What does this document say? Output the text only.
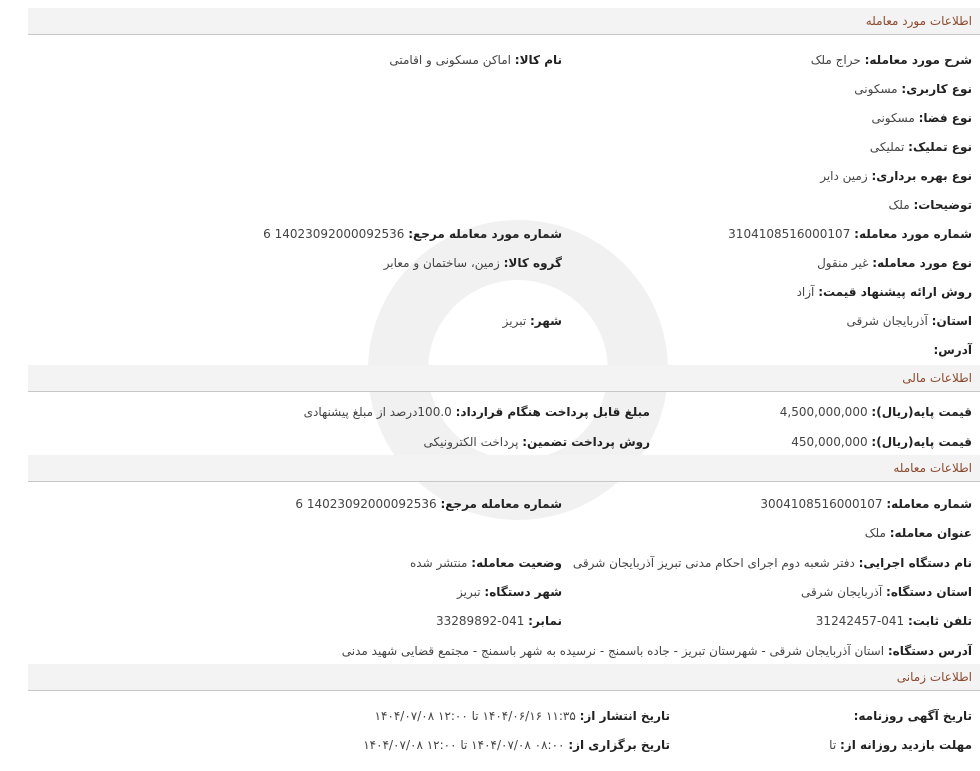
اطلاعات مورد معامله
شرح مورد معامله: حراج ملک
نام کالا: اماکن مسکونی و اقامتی
نوع کاربری: مسکونی
نوع فضا: مسکونی
نوع تملیک: تملیکی
نوع بهره برداری: زمین دایر
توضیحات: ملک
شماره مورد معامله: 3104108516000107
شماره مورد معامله مرجع: 14023092000092536 6
نوع مورد معامله: غیر منقول
گروه کالا: زمین، ساختمان و معابر
روش ارائه پیشنهاد قیمت: آزاد
استان: آذربایجان شرقی
شهر: تبریز
آدرس:
اطلاعات مالی
قیمت پایه(ریال): 4,500,000,000
مبلغ قابل پرداخت هنگام قرارداد: 100.0درصد از مبلغ پیشنهادی
قیمت پایه(ریال): 450,000,000
روش پرداخت تضمین: پرداخت الکترونیکی
اطلاعات معامله
شماره معامله: 3004108516000107
شماره معامله مرجع: 14023092000092536 6
عنوان معامله: ملک
نام دستگاه اجرایی: دفتر شعبه دوم اجرای احکام مدنی تبریز آذربایجان شرقی
وضعیت معامله: منتشر شده
استان دستگاه: آذربایجان شرقی
شهر دستگاه: تبریز
تلفن ثابت: 041-31242457
نمابر: 041-33289892
آدرس دستگاه: استان آذربایجان شرقی - شهرستان تبریز - جاده باسمنج - نرسیده به شهر باسمنج - مجتمع قضایی شهید مدنی
اطلاعات زمانی
تاریخ آگهی روزنامه:
تاریخ انتشار از: ۱۱:۳۵ ۱۴۰۴/۰۶/۱۶ تا ۱۲:۰۰ ۱۴۰۴/۰۷/۰۸
مهلت بازدید روزانه از: تا
تاریخ برگزاری از: ۰۸:۰۰ ۱۴۰۴/۰۷/۰۸ تا ۱۲:۰۰ ۱۴۰۴/۰۷/۰۸
